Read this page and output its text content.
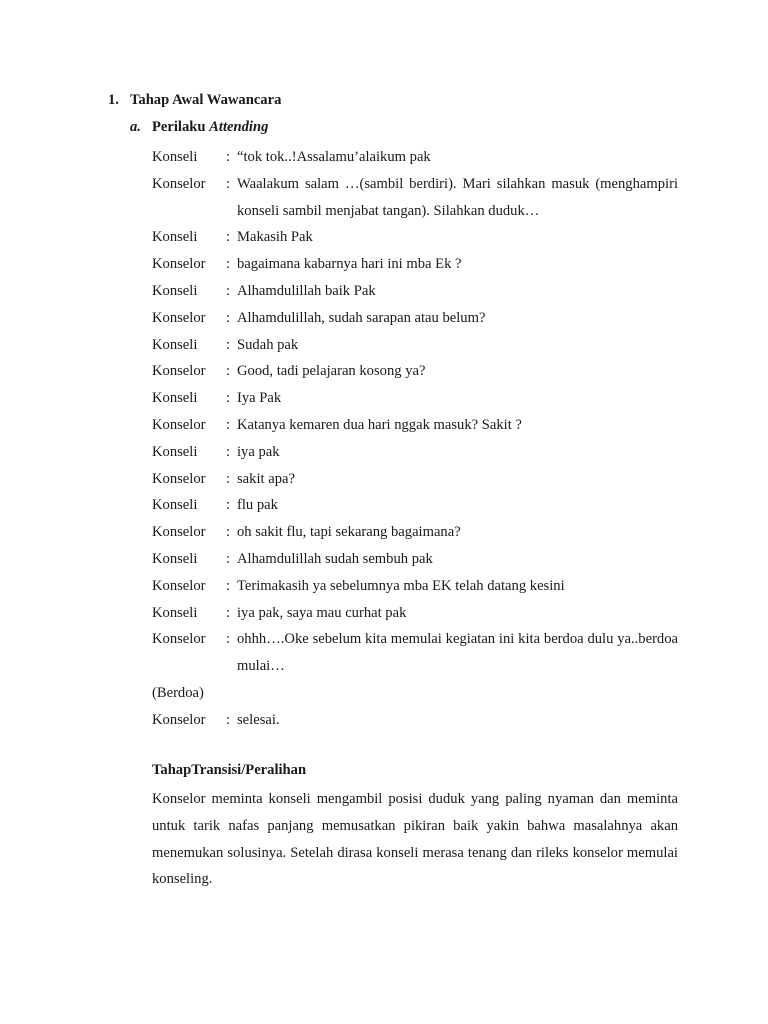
1. Tahap Awal Wawancara
a. Perilaku Attending
Konseli	: “tok tok..!Assalamu’alaikum pak
Konselor	: Waalakum salam …(sambil berdiri). Mari silahkan masuk (menghampiri konseli sambil menjabat tangan). Silahkan duduk…
Konseli	: Makasih Pak
Konselor	: bagaimana kabarnya hari ini mba Ek ?
Konseli	: Alhamdulillah baik Pak
Konselor	: Alhamdulillah, sudah sarapan atau belum?
Konseli	: Sudah pak
Konselor	: Good, tadi pelajaran kosong ya?
Konseli	: Iya Pak
Konselor	: Katanya kemaren dua hari nggak masuk? Sakit ?
Konseli	: iya pak
Konselor	: sakit apa?
Konseli	: flu pak
Konselor	: oh sakit flu, tapi sekarang bagaimana?
Konseli	: Alhamdulillah sudah sembuh pak
Konselor	: Terimakasih ya sebelumnya mba EK telah datang kesini
Konseli	: iya pak, saya mau curhat pak
Konselor	: ohhh….Oke sebelum kita memulai kegiatan ini kita berdoa dulu ya..berdoa mulai…
(Berdoa)
Konselor	: selesai.
TahapTransisi/Peralihan

Konselor meminta konseli mengambil posisi duduk yang paling nyaman dan meminta untuk tarik nafas panjang memusatkan pikiran baik yakin bahwa masalahnya akan menemukan solusinya. Setelah dirasa konseli merasa tenang dan rileks konselor memulai konseling.
